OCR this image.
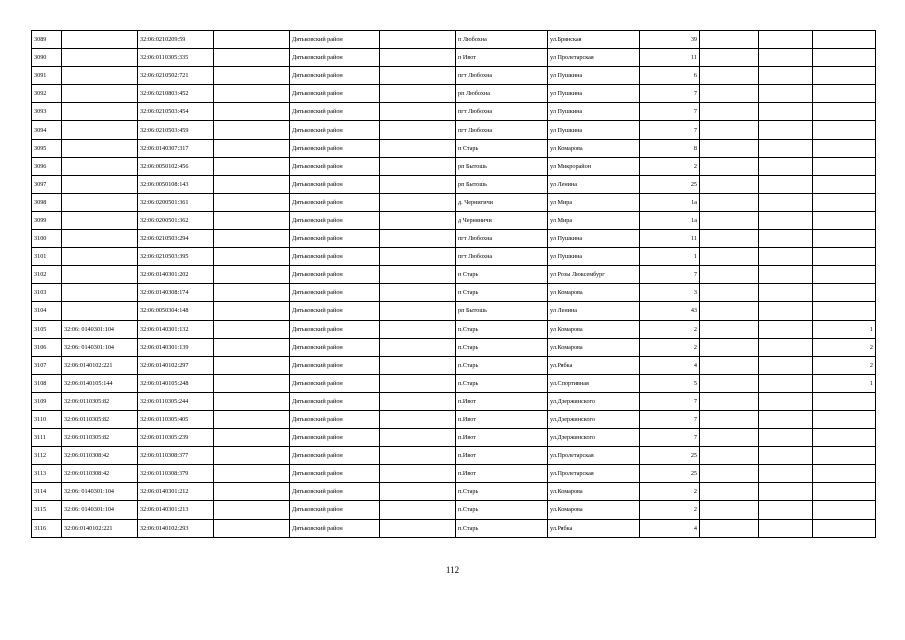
3089		32:06:0210209:59		Дятьковский район		п Любохна	ул.Брянская	39			
3090		32:06:0110305:335		Дятьковский район		п Ивот	ул Пролетарская	11			
3091		32:06:0210502:721		Дятьковский район		пгт Любохна	ул Пушкина	6			
3092		32:06:0210803:452		Дятьковский район		рп Любохна	ул Пушкина	7			
3093		32:06:0210503:454		Дятьковский район		пгт Любохна	ул Пушкина	7			
3094		32:06:0210503:459		Дятьковский район		пгт Любохна	ул Пушкина	7			
3095		32:06:0140307:317		Дятьковский район		п Старь	ул Комарова	8			
3096		32:06:0050102:456		Дятьковский район		рп Бытошь	ул Микрорайон	2			
3097		32:06:0050108:143		Дятьковский район		рп Бытошь	ул Ленина	25			
3098		32:06:0200501:361		Дятьковский район		д. Чернигичи	ул Мира	1а			
3099		32:06:0200501:362		Дятьковский район		д Черняничи	ул Мира	1а			
3100		32:06:0210503:294		Дятьковский район		пгт Любохна	ул Пушкина	11			
3101		32:06:0210503:395		Дятьковский район		пгт Любохна	ул Пушкина	1			
3102		32:06:0140301:202		Дятьковский район		п Старь	ул Розы Люксембург	7			
3103		32:06:0140308:174		Дятьковский район		п Старь	ул Комарова	3			
3104		32:06:0050304:148		Дятьковский район		рп Бытошь	ул Ленина	43			
3105	32:06: 0140301:104	32:06:0140301:132		Дятьковский район		п.Старь	ул Комарова	2			1
3106	32:06: 0140301:104	32:06:0140301:139		Дятьковский район		п.Старь	ул.Комарова	2			2
3107	32:06:0140102:221	32:06:0140102:297		Дятьковский район		п.Старь	ул.Рябка	4			2
3108	32:06:0140105:144	32:06:0140105:248		Дятьковский район		п.Старь	ул.Спортивная	5			1
3109	32:06:0110305:82	32:06:0110305:244		Дятьковский район		п.Ивот	ул.Дзержинского	7			
3110	32:06:0110305:82	32:06:0110305:405		Дятьковский район		п.Ивот	ул.Дзержинского	7			
3111	32:06:0110305:82	32:06:0110305:239		Дятьковский район		п.Ивот	ул.Дзержинского	7			
3112	32:06:0110308:42	32:06:0110308:377		Дятьковский район		п.Ивот	ул.Пролетарская	25			
3113	32:06:0110308:42	32:06:0110308:379		Дятьковский район		п.Ивот	ул.Пролетарская	25			
3114	32:06: 0140301:104	32:06:0140301:212		Дятьковский район		п.Старь	ул.Комарова	2			
3115	32:06: 0140301:104	32:06:0140301:213		Дятьковский район		п.Старь	ул.Комарова	2			
3116	32:06:0140102:221	32:06:0140102:293		Дятьковский район		п.Старь	ул.Рябка	4			
112
